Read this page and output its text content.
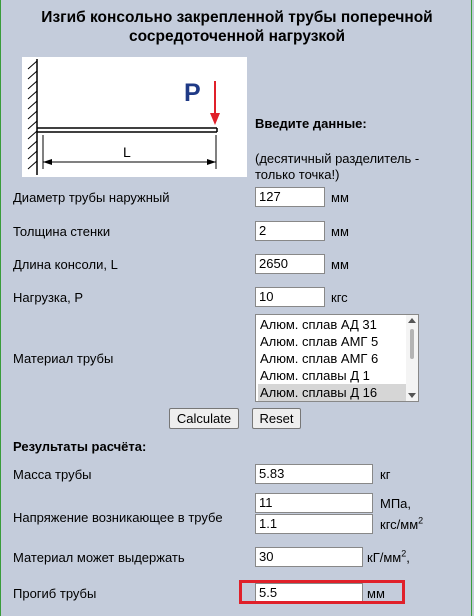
Изгиб консольно закрепленной трубы поперечной
сосредоточенной нагрузкой
P
L
Введите данные:
(десятичный разделитель -
только точка!)
Диаметр трубы наружный	127	мм
Толщина стенки	2	мм
Длина консоли, L	2650	мм
Нагрузка, P	10	кгс
Материал трубы
Алюм. сплав АД 31
Алюм. сплав АМГ 5
Алюм. сплав АМГ 6
Алюм. сплавы Д 1
Алюм. сплавы Д 16
Calculate	Reset
Результаты расчёта:
Масса трубы	5.83	кг
Напряжение возникающее в трубе
11	МПа,
1.1	кгс/$мм^2$
Материал может выдержать	30	$кГ/мм^2$,
Прогиб трубы	5.5	мм
